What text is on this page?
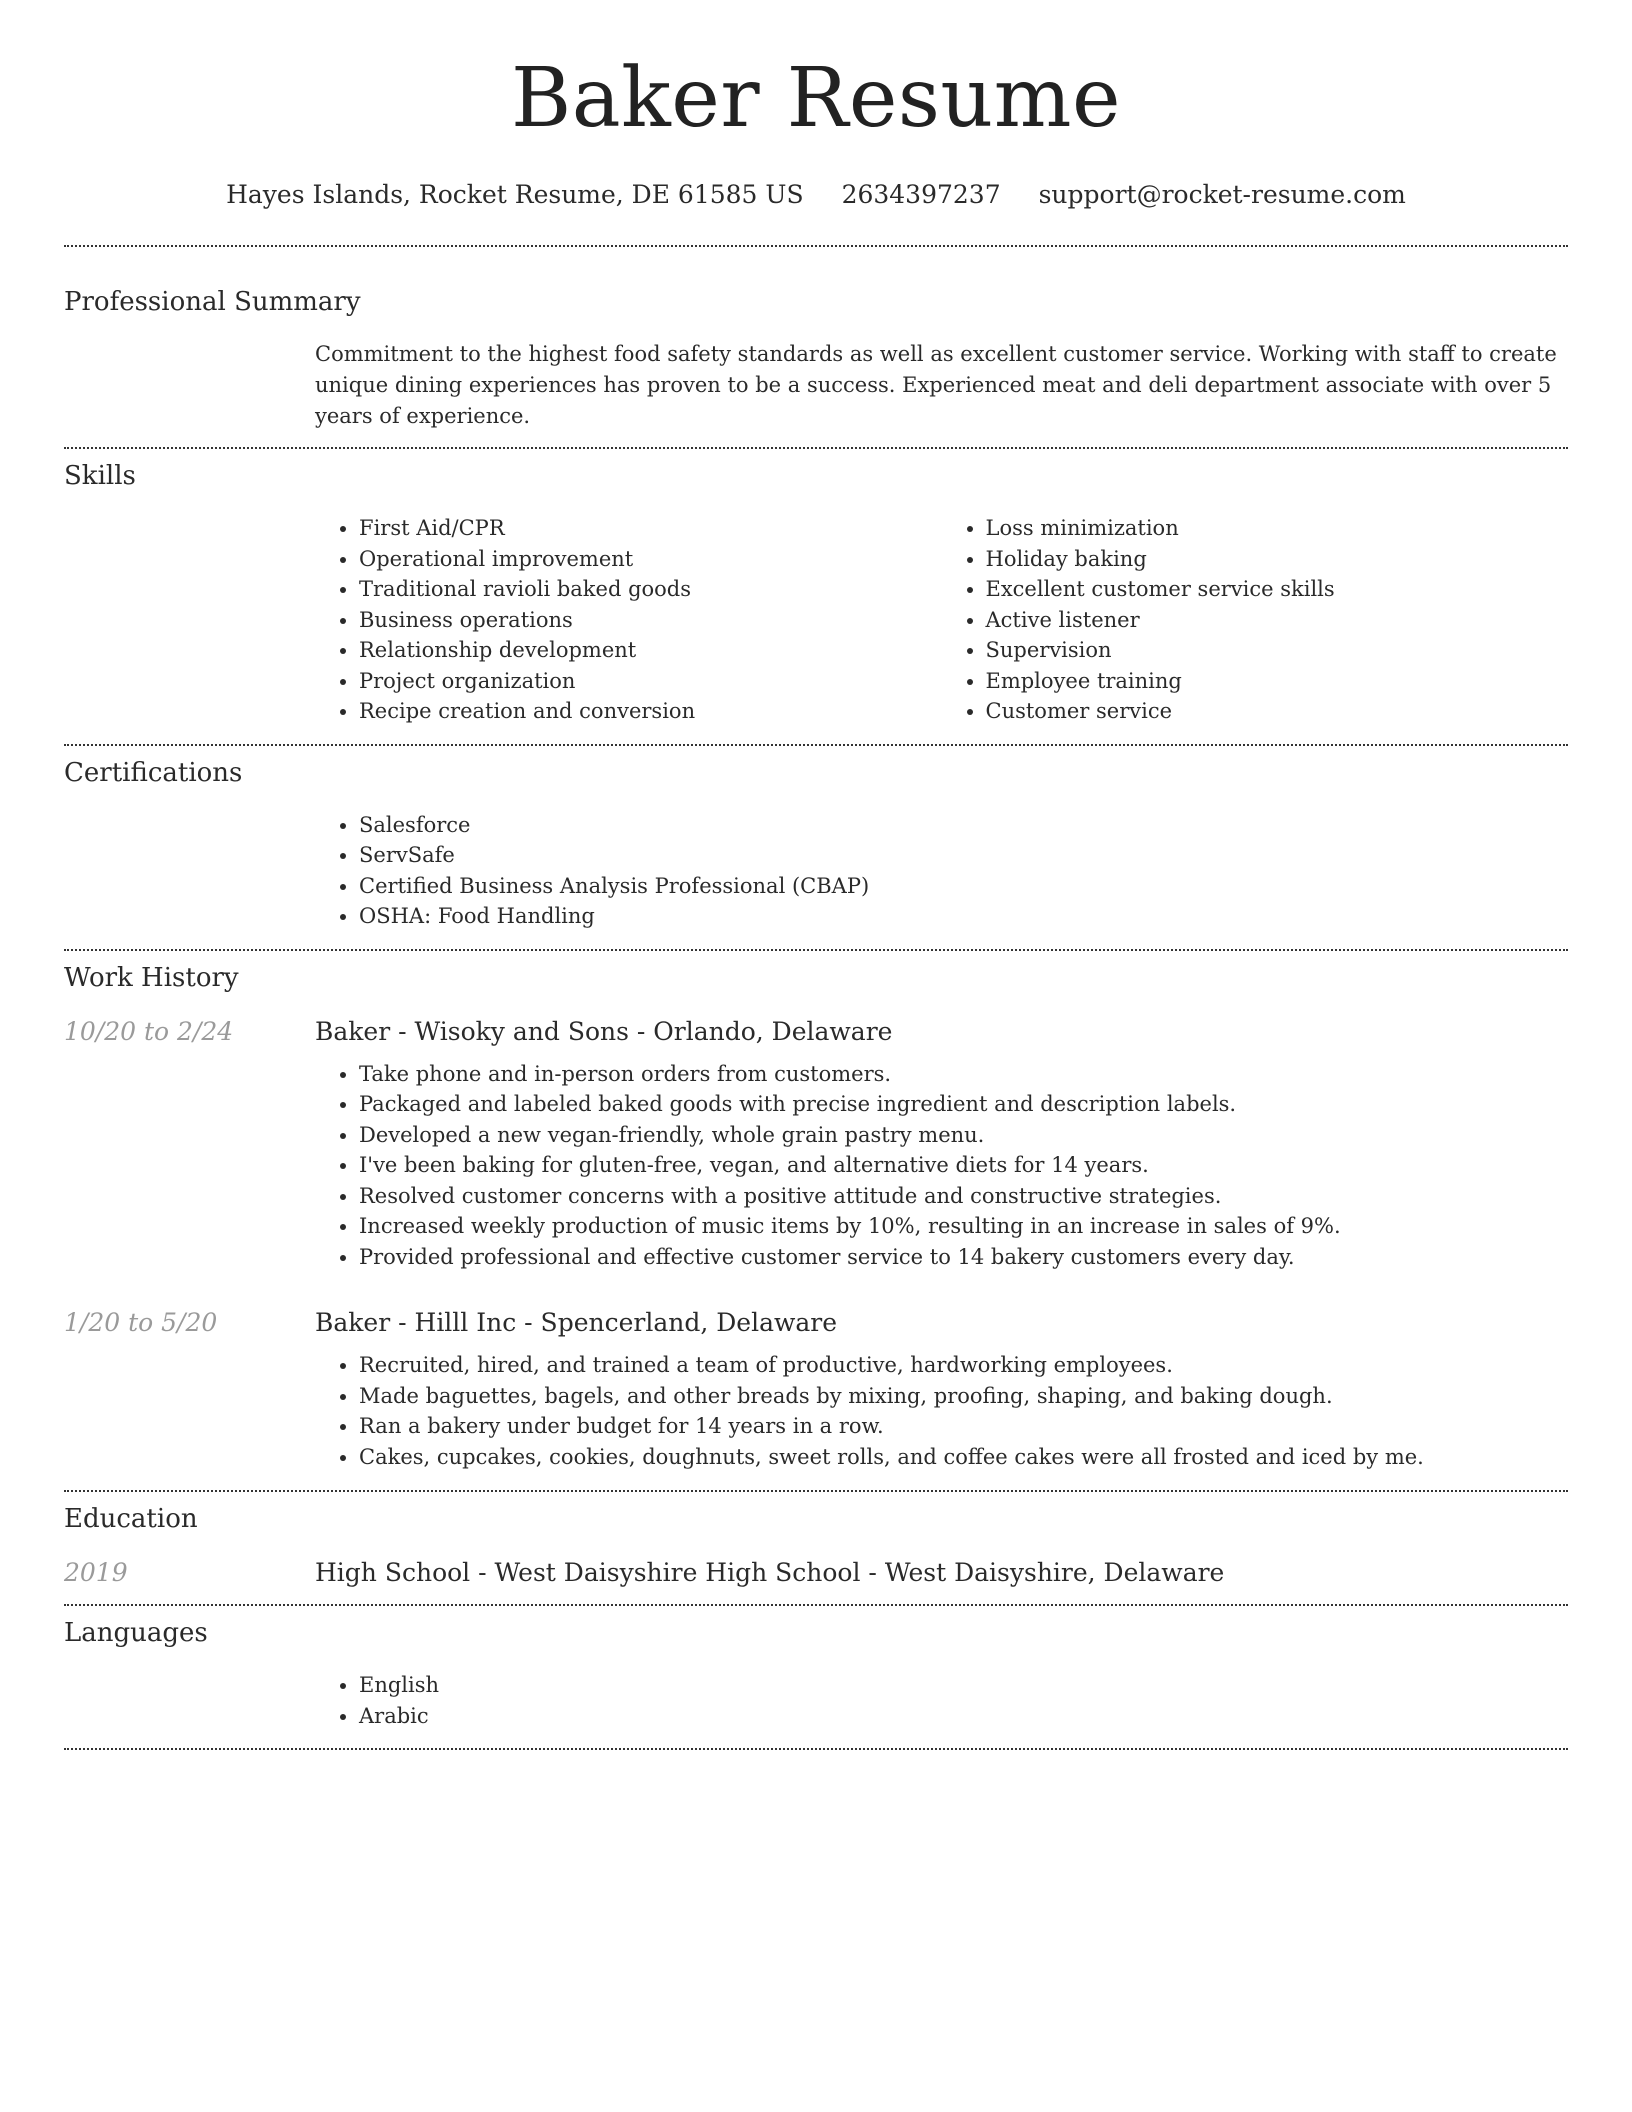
Baker Resume
Hayes Islands, Rocket Resume, DE 61585 US 2634397237 support@rocket-resume.com
Professional Summary
Commitment to the highest food safety standards as well as excellent customer service. Working with staff to create unique dining experiences has proven to be a success. Experienced meat and deli department associate with over 5 years of experience.
Skills
• First Aid/CPR
• Operational improvement
• Traditional ravioli baked goods
• Business operations
• Relationship development
• Project organization
• Recipe creation and conversion
• Loss minimization
• Holiday baking
• Excellent customer service skills
• Active listener
• Supervision
• Employee training
• Customer service
Certifications
• Salesforce
• ServSafe
• Certified Business Analysis Professional (CBAP)
• OSHA: Food Handling
Work History
10/20 to 2/24	Baker - Wisoky and Sons - Orlando, Delaware
• Take phone and in-person orders from customers.
• Packaged and labeled baked goods with precise ingredient and description labels.
• Developed a new vegan-friendly, whole grain pastry menu.
• I've been baking for gluten-free, vegan, and alternative diets for 14 years.
• Resolved customer concerns with a positive attitude and constructive strategies.
• Increased weekly production of music items by 10%, resulting in an increase in sales of 9%.
• Provided professional and effective customer service to 14 bakery customers every day.
1/20 to 5/20	Baker - Hilll Inc - Spencerland, Delaware
• Recruited, hired, and trained a team of productive, hardworking employees.
• Made baguettes, bagels, and other breads by mixing, proofing, shaping, and baking dough.
• Ran a bakery under budget for 14 years in a row.
• Cakes, cupcakes, cookies, doughnuts, sweet rolls, and coffee cakes were all frosted and iced by me.
Education
2019	High School - West Daisyshire High School - West Daisyshire, Delaware
Languages
• English
• Arabic
